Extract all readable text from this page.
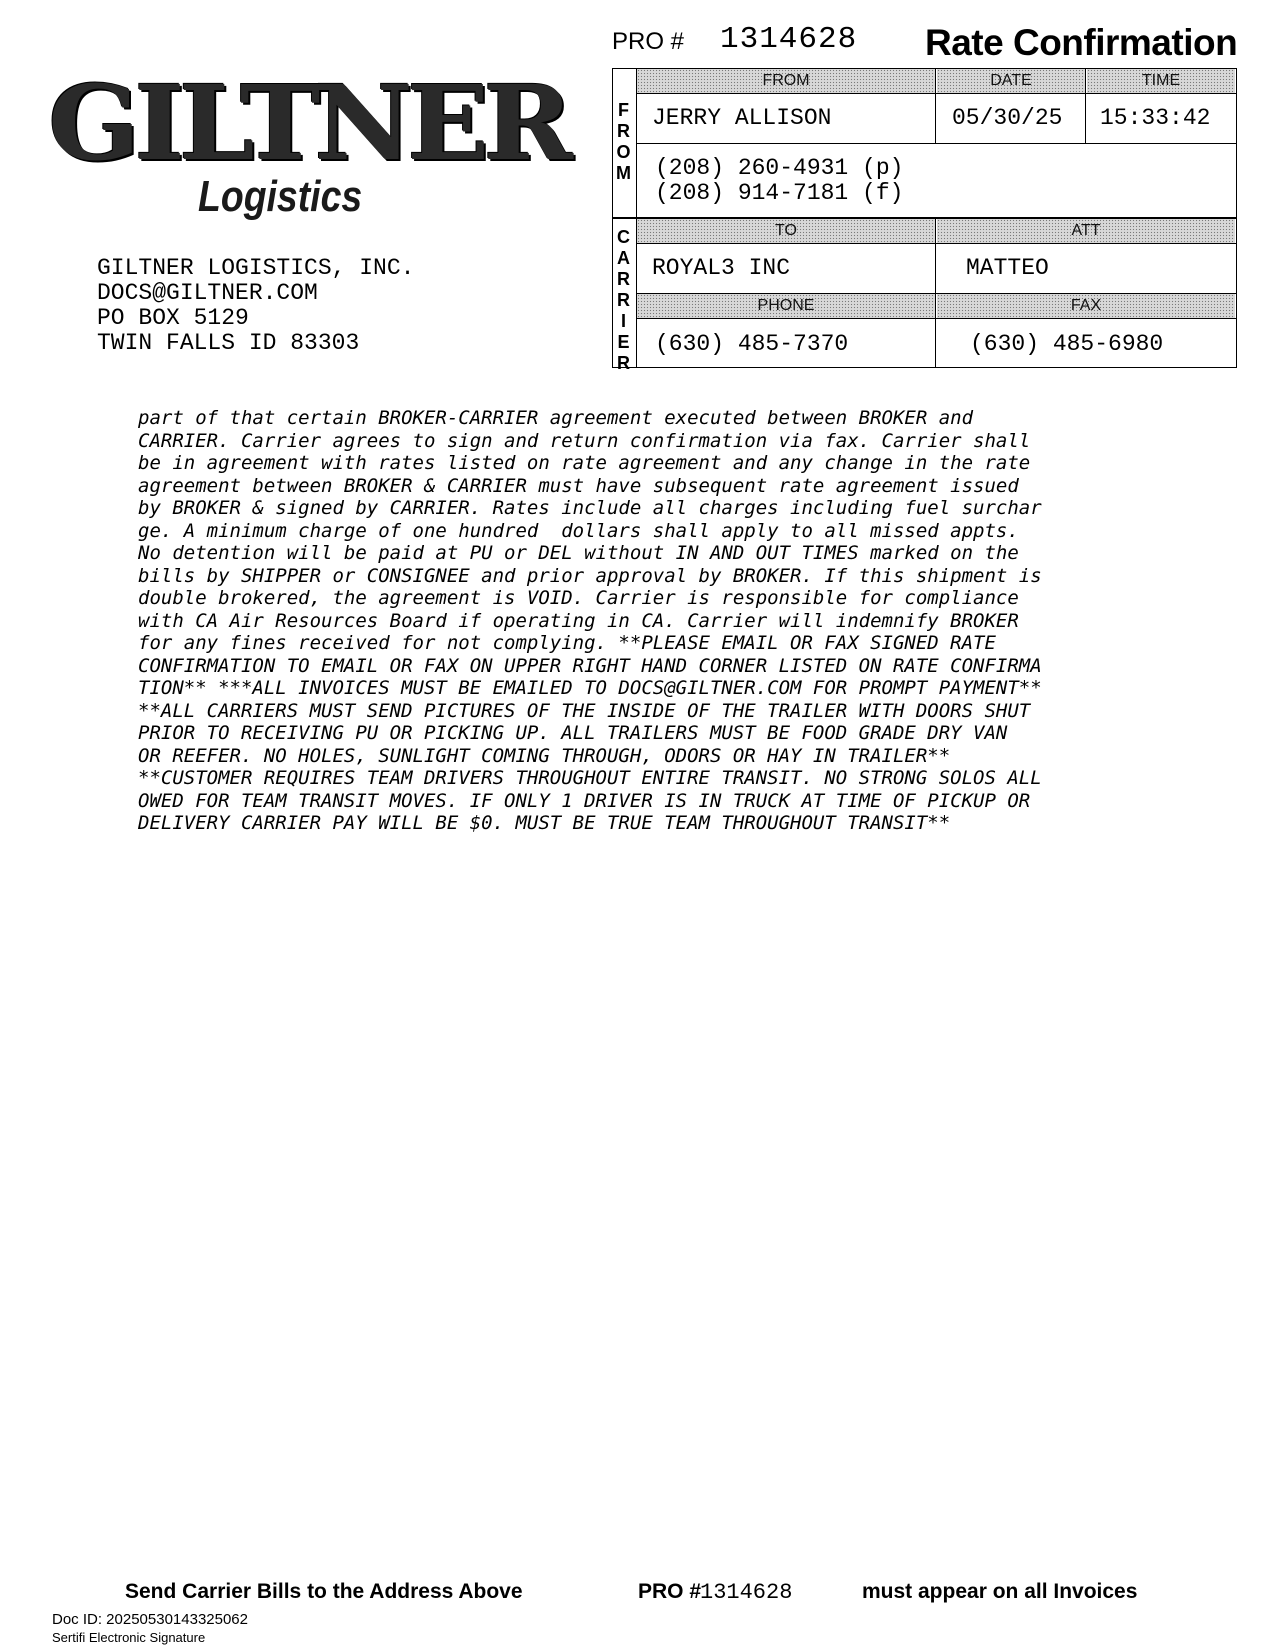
GILTNER
Logistics
GILTNER LOGISTICS, INC.
DOCS@GILTNER.COM
PO BOX 5129
TWIN FALLS ID 83303
PRO # 1314628 Rate Confirmation
F
R
O
M
FROM	DATE	TIME
JERRY ALLISON	05/30/25 15:33:42
(208) 260-4931 (p)
(208) 914-7181 (f)
C
A
R
R
I
E
R
TO	ATT
ROYAL3 INC	MATTEO
PHONE	FAX
(630) 485-7370	(630) 485-6980
part of that certain BROKER-CARRIER agreement executed between BROKER and
CARRIER. Carrier agrees to sign and return confirmation via fax. Carrier shall
be in agreement with rates listed on rate agreement and any change in the rate
agreement between BROKER & CARRIER must have subsequent rate agreement issued
by BROKER & signed by CARRIER. Rates include all charges including fuel surchar
ge. A minimum charge of one hundred  dollars shall apply to all missed appts.
No detention will be paid at PU or DEL without IN AND OUT TIMES marked on the
bills by SHIPPER or CONSIGNEE and prior approval by BROKER. If this shipment is
double brokered, the agreement is VOID. Carrier is responsible for compliance
with CA Air Resources Board if operating in CA. Carrier will indemnify BROKER
for any fines received for not complying. **PLEASE EMAIL OR FAX SIGNED RATE
CONFIRMATION TO EMAIL OR FAX ON UPPER RIGHT HAND CORNER LISTED ON RATE CONFIRMA
TION** ***ALL INVOICES MUST BE EMAILED TO DOCS@GILTNER.COM FOR PROMPT PAYMENT**
**ALL CARRIERS MUST SEND PICTURES OF THE INSIDE OF THE TRAILER WITH DOORS SHUT
PRIOR TO RECEIVING PU OR PICKING UP. ALL TRAILERS MUST BE FOOD GRADE DRY VAN
OR REEFER. NO HOLES, SUNLIGHT COMING THROUGH, ODORS OR HAY IN TRAILER**
**CUSTOMER REQUIRES TEAM DRIVERS THROUGHOUT ENTIRE TRANSIT. NO STRONG SOLOS ALL
OWED FOR TEAM TRANSIT MOVES. IF ONLY 1 DRIVER IS IN TRUCK AT TIME OF PICKUP OR
DELIVERY CARRIER PAY WILL BE $0. MUST BE TRUE TEAM THROUGHOUT TRANSIT**
Send Carrier Bills to the Address Above	PRO #
1314628	must appear on all Invoices
Doc ID: 20250530143325062
Sertifi Electronic Signature
